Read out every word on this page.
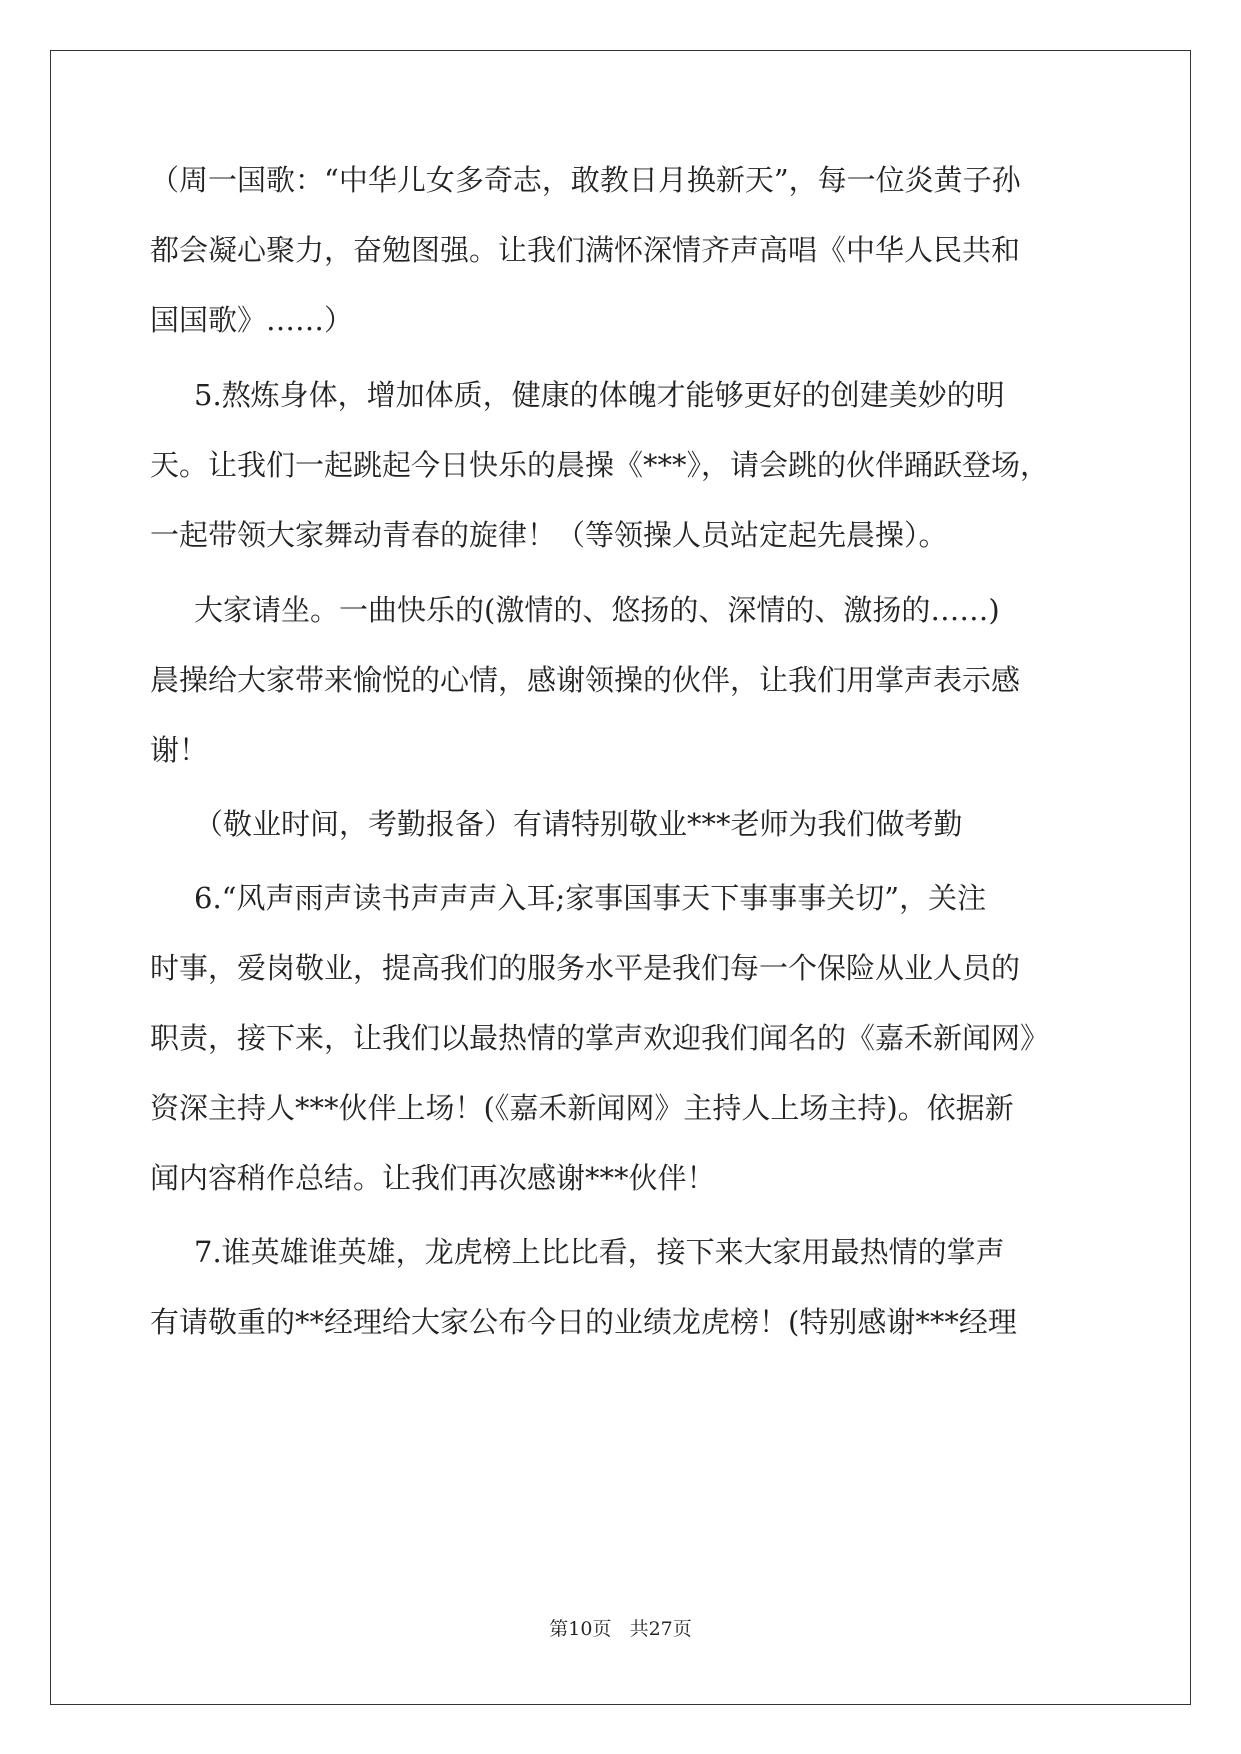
（周一国歌：“中华儿女多奇志，敢教日月换新天”，每一位炎黄子孙
都会凝心聚力，奋勉图强。让我们满怀深情齐声高唱《中华人民共和
国国歌》……）
5.熬炼身体，增加体质，健康的体魄才能够更好的创建美妙的明
天。让我们一起跳起今日快乐的晨操《***》，请会跳的伙伴踊跃登场，
一起带领大家舞动青春的旋律！（等领操人员站定起先晨操）。
大家请坐。一曲快乐的(激情的、悠扬的、深情的、激扬的……)
晨操给大家带来愉悦的心情，感谢领操的伙伴，让我们用掌声表示感
谢！
（敬业时间，考勤报备）有请特别敬业***老师为我们做考勤
6.“风声雨声读书声声声入耳;家事国事天下事事事关切”，关注
时事，爱岗敬业，提高我们的服务水平是我们每一个保险从业人员的
职责，接下来，让我们以最热情的掌声欢迎我们闻名的《嘉禾新闻网》
资深主持人***伙伴上场！(《嘉禾新闻网》主持人上场主持)。依据新
闻内容稍作总结。让我们再次感谢***伙伴！
7.谁英雄谁英雄，龙虎榜上比比看，接下来大家用最热情的掌声
有请敬重的**经理给大家公布今日的业绩龙虎榜！(特别感谢***经理
第10页 共27页
